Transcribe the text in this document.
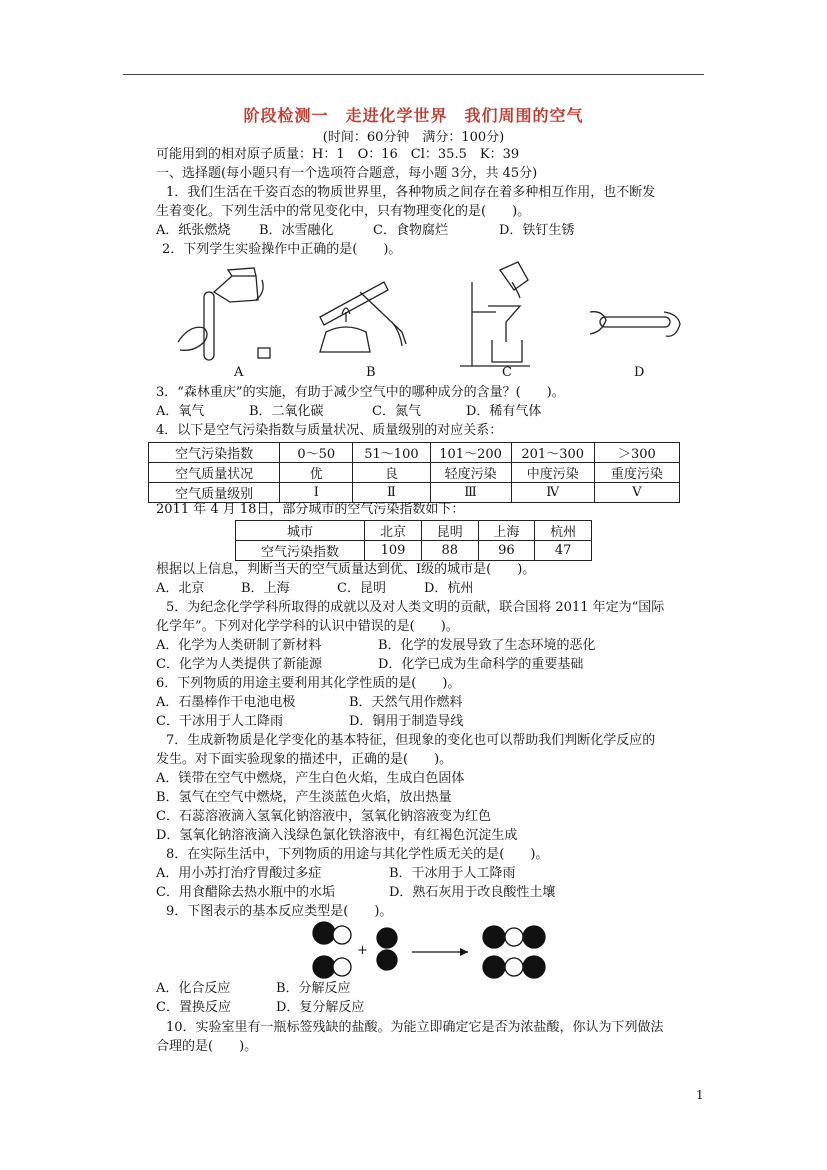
阶段检测一　走进化学世界　我们周围的空气
(时间：60分钟　满分：100分)
可能用到的相对原子质量：H：1　O：16　Cl：35.5　K：39
一、选择题(每小题只有一个选项符合题意，每小题 3分，共 45分)
1．我们生活在千姿百态的物质世界里，各种物质之间存在着多种相互作用，也不断发
生着变化。下列生活中的常见变化中，只有物理变化的是(　　)。
A．纸张燃烧 B．冰雪融化	C．食物腐烂	D．铁钉生锈
2．下列学生实验操作中正确的是(　　)。
A	B	C	D
3．“森林重庆”的实施，有助于减少空气中的哪种成分的含量？(　　)。
A．氧气	B．二氧化碳	C．氮气	D．稀有气体
4．以下是空气污染指数与质量状况、质量级别的对应关系：
空气污染指数	0～50	51～100	101～200	201～300	＞300
空气质量状况	优	良	轻度污染	中度污染	重度污染
空气质量级别	Ⅰ	Ⅱ	Ⅲ	Ⅳ	Ⅴ
2011 年 4 月 18日，部分城市的空气污染指数如下：
城市	北京	昆明	上海	杭州
空气污染指数	109	88	96	47
根据以上信息，判断当天的空气质量达到优、Ⅰ级的城市是(　　)。
A．北京	B．上海	C．昆明	D．杭州
5．为纪念化学学科所取得的成就以及对人类文明的贡献，联合国将 2011 年定为“国际
化学年”。下列对化学学科的认识中错误的是(　　)。
A．化学为人类研制了新材料	B．化学的发展导致了生态环境的恶化
C．化学为人类提供了新能源	D．化学已成为生命科学的重要基础
6．下列物质的用途主要利用其化学性质的是(　　)。
A．石墨棒作干电池电极	B．天然气用作燃料
C．干冰用于人工降雨	D．铜用于制造导线
7．生成新物质是化学变化的基本特征，但现象的变化也可以帮助我们判断化学反应的
发生。对下面实验现象的描述中，正确的是(　　)。
A．镁带在空气中燃烧，产生白色火焰，生成白色固体
B．氢气在空气中燃烧，产生淡蓝色火焰，放出热量
C．石蕊溶液滴入氢氧化钠溶液中，氢氧化钠溶液变为红色
D．氢氧化钠溶液滴入浅绿色氯化铁溶液中，有红褐色沉淀生成
8．在实际生活中，下列物质的用途与其化学性质无关的是(　　)。
A．用小苏打治疗胃酸过多症	B．干冰用于人工降雨
C．用食醋除去热水瓶中的水垢	D．熟石灰用于改良酸性土壤
9．下图表示的基本反应类型是(　　)。
+
A．化合反应	B．分解反应
C．置换反应	D．复分解反应
10．实验室里有一瓶标签残缺的盐酸。为能立即确定它是否为浓盐酸，你认为下列做法
合理的是(　　)。
1
